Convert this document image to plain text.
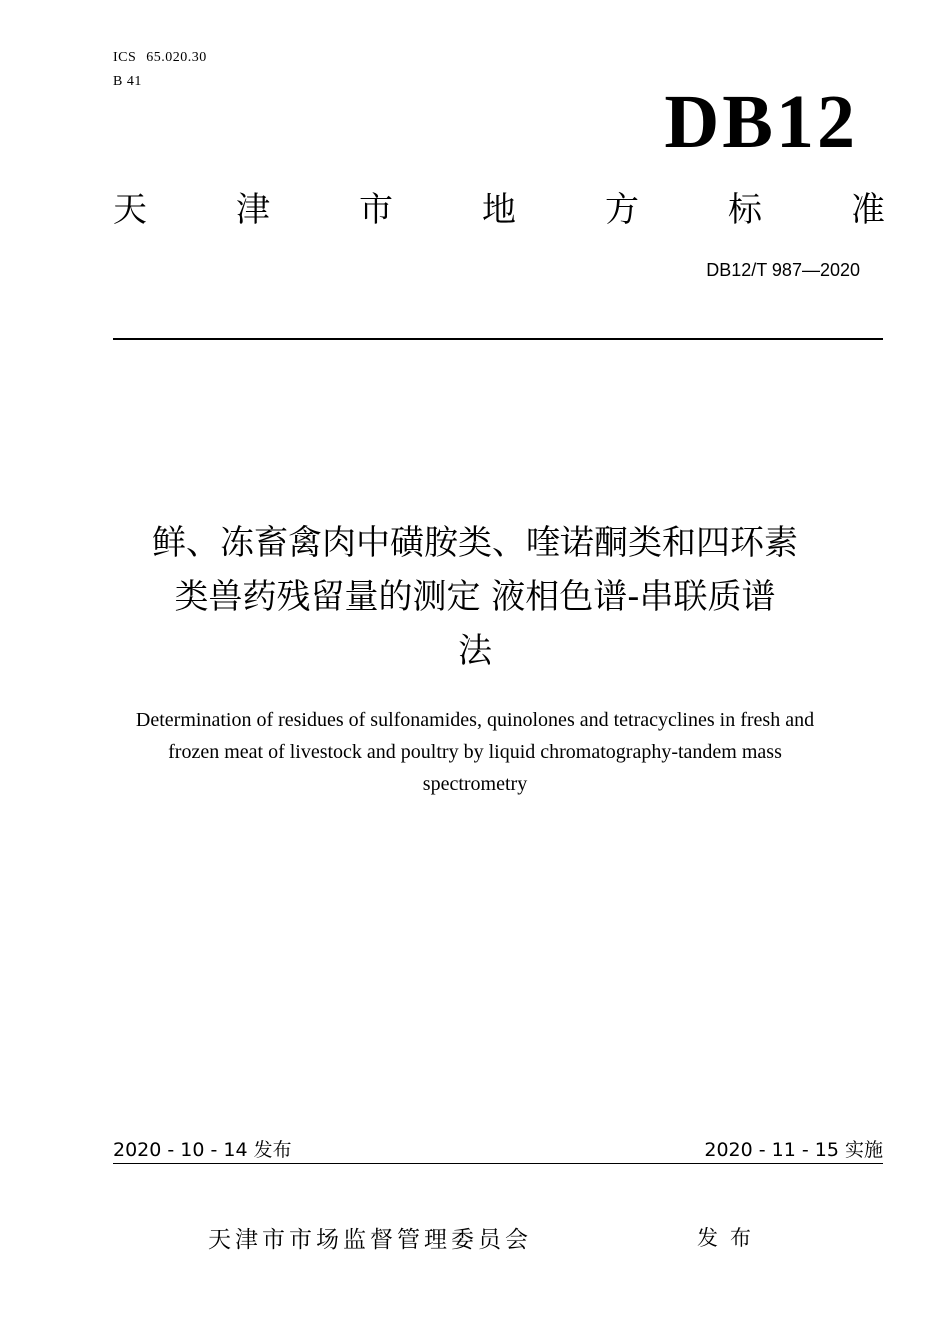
ICS 65.020.30
B 41	DB12
天	津	市	地	方	标	准
DB12/T 987—2020
鲜、冻畜禽肉中磺胺类、喹诺酮类和四环素
类兽药残留量的测定 液相色谱-串联质谱
法
Determination of residues of sulfonamides, quinolones and tetracyclines in fresh and
frozen meat of livestock and poultry by liquid chromatography-tandem mass
spectrometry
2020 - 10 - 14 发布	2020 - 11 - 15 实施
天津市市场监督管理委员会	发布
